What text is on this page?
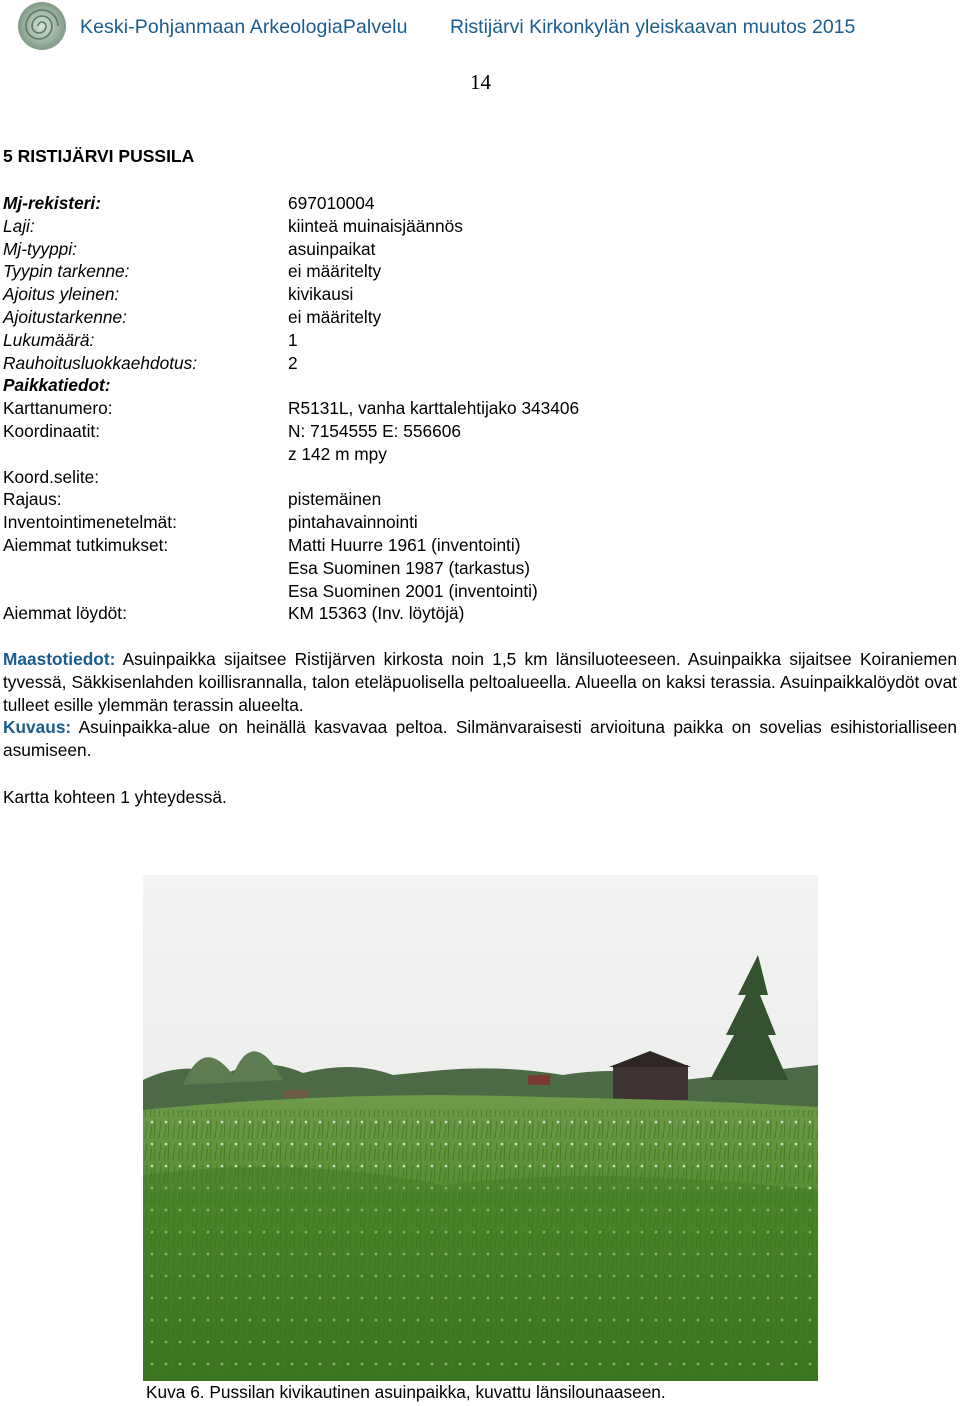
Keski-Pohjanmaan ArkeologiaPalvelu Ristijärvi Kirkonkylän yleiskaavan muutos 2015
14
5 RISTIJÄRVI PUSSILA
Mj-rekisteri:	697010004
Laji:	kiinteä muinaisjäännös
Mj-tyyppi:	asuinpaikat
Tyypin tarkenne:	ei määritelty
Ajoitus yleinen:	kivikausi
Ajoitustarkenne:	ei määritelty
Lukumäärä:	1
Rauhoitusluokkaehdotus:	2
Paikkatiedot:
Karttanumero:	R5131L, vanha karttalehtijako 343406
Koordinaatit:	N: 7154555 E: 556606
z 142 m mpy
Koord.selite:
Rajaus:	pistemäinen
Inventointimenetelmät:	pintahavainnointi
Aiemmat tutkimukset:	Matti Huurre 1961 (inventointi)
Esa Suominen 1987 (tarkastus)
Esa Suominen 2001 (inventointi)
Aiemmat löydöt:	KM 15363 (Inv. löytöjä)
Maastotiedot: Asuinpaikka sijaitsee Ristijärven kirkosta noin 1,5 km länsiluoteeseen. Asuinpaikka sijaitsee Koiraniemen tyvessä, Säkkisenlahden koillisrannalla, talon eteläpuolisella peltoalueella. Alueella on kaksi terassia. Asuinpaikkalöydöt ovat tulleet esille ylemmän terassin alueelta.
Kuvaus: Asuinpaikka-alue on heinällä kasvavaa peltoa. Silmänvaraisesti arvioituna paikka on sovelias esihistorialliseen asumiseen.
Kartta kohteen 1 yhteydessä.
Kuva 6. Pussilan kivikautinen asuinpaikka, kuvattu länsilounaaseen.
